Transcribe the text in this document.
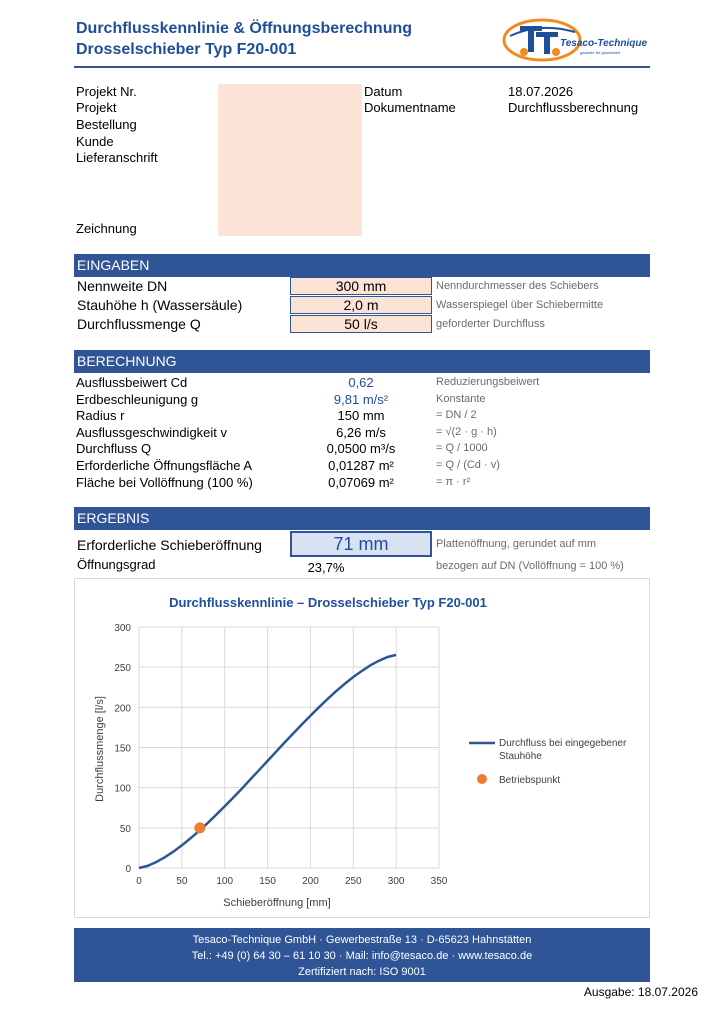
Durchflusskennlinie & Öffnungsberechnung
Drosselschieber Typ F20-001	Tesaco-Technique
garantie für gewissheit
Projekt Nr.
Projekt
Bestellung
Kunde
Lieferanschrift
Zeichnung
Datum	18.07.2026
Dokumentname	Durchflussberechnung
EINGABEN
Nennweite DN	300 mm	Nenndurchmesser des Schiebers
Stauhöhe h (Wassersäule)	2,0 m	Wasserspiegel über Schiebermitte
Durchflussmenge Q	50 l/s	geforderter Durchfluss
BERECHNUNG
Ausflussbeiwert Cd	0,62	Reduzierungsbeiwert
Erdbeschleunigung g	9,81 m/s²	Konstante
Radius r	150 mm	= DN / 2
Ausflussgeschwindigkeit v	6,26 m/s	= √(2 · g · h)
Durchfluss Q	0,0500 m³/s	= Q / 1000
Erforderliche Öffnungsfläche A	0,01287 m²	= Q / (Cd · v)
Fläche bei Vollöffnung (100 %)	0,07069 m²	= π · r²
ERGEBNIS
Erforderliche Schieberöffnung	71 mm	Plattenöffnung, gerundet auf mm
Öffnungsgrad	23,7%	bezogen auf DN (Vollöffnung = 100 %)
Durchflusskennlinie – Drosselschieber Typ F20-001
0	50	100	150	200	250	300	350
0
50
100
150
200
250
300
Schieberöffnung [mm]
Durchflussmenge [l/s]	Durchfluss bei eingegebener Stauhöhe
Betriebspunkt
Tesaco-Technique GmbH · Gewerbestraße 13 · D-65623 Hahnstätten
Tel.: +49 (0) 64 30 – 61 10 30 · Mail: info@tesaco.de · www.tesaco.de
Zertifiziert nach: ISO 9001
Ausgabe: 18.07.2026
